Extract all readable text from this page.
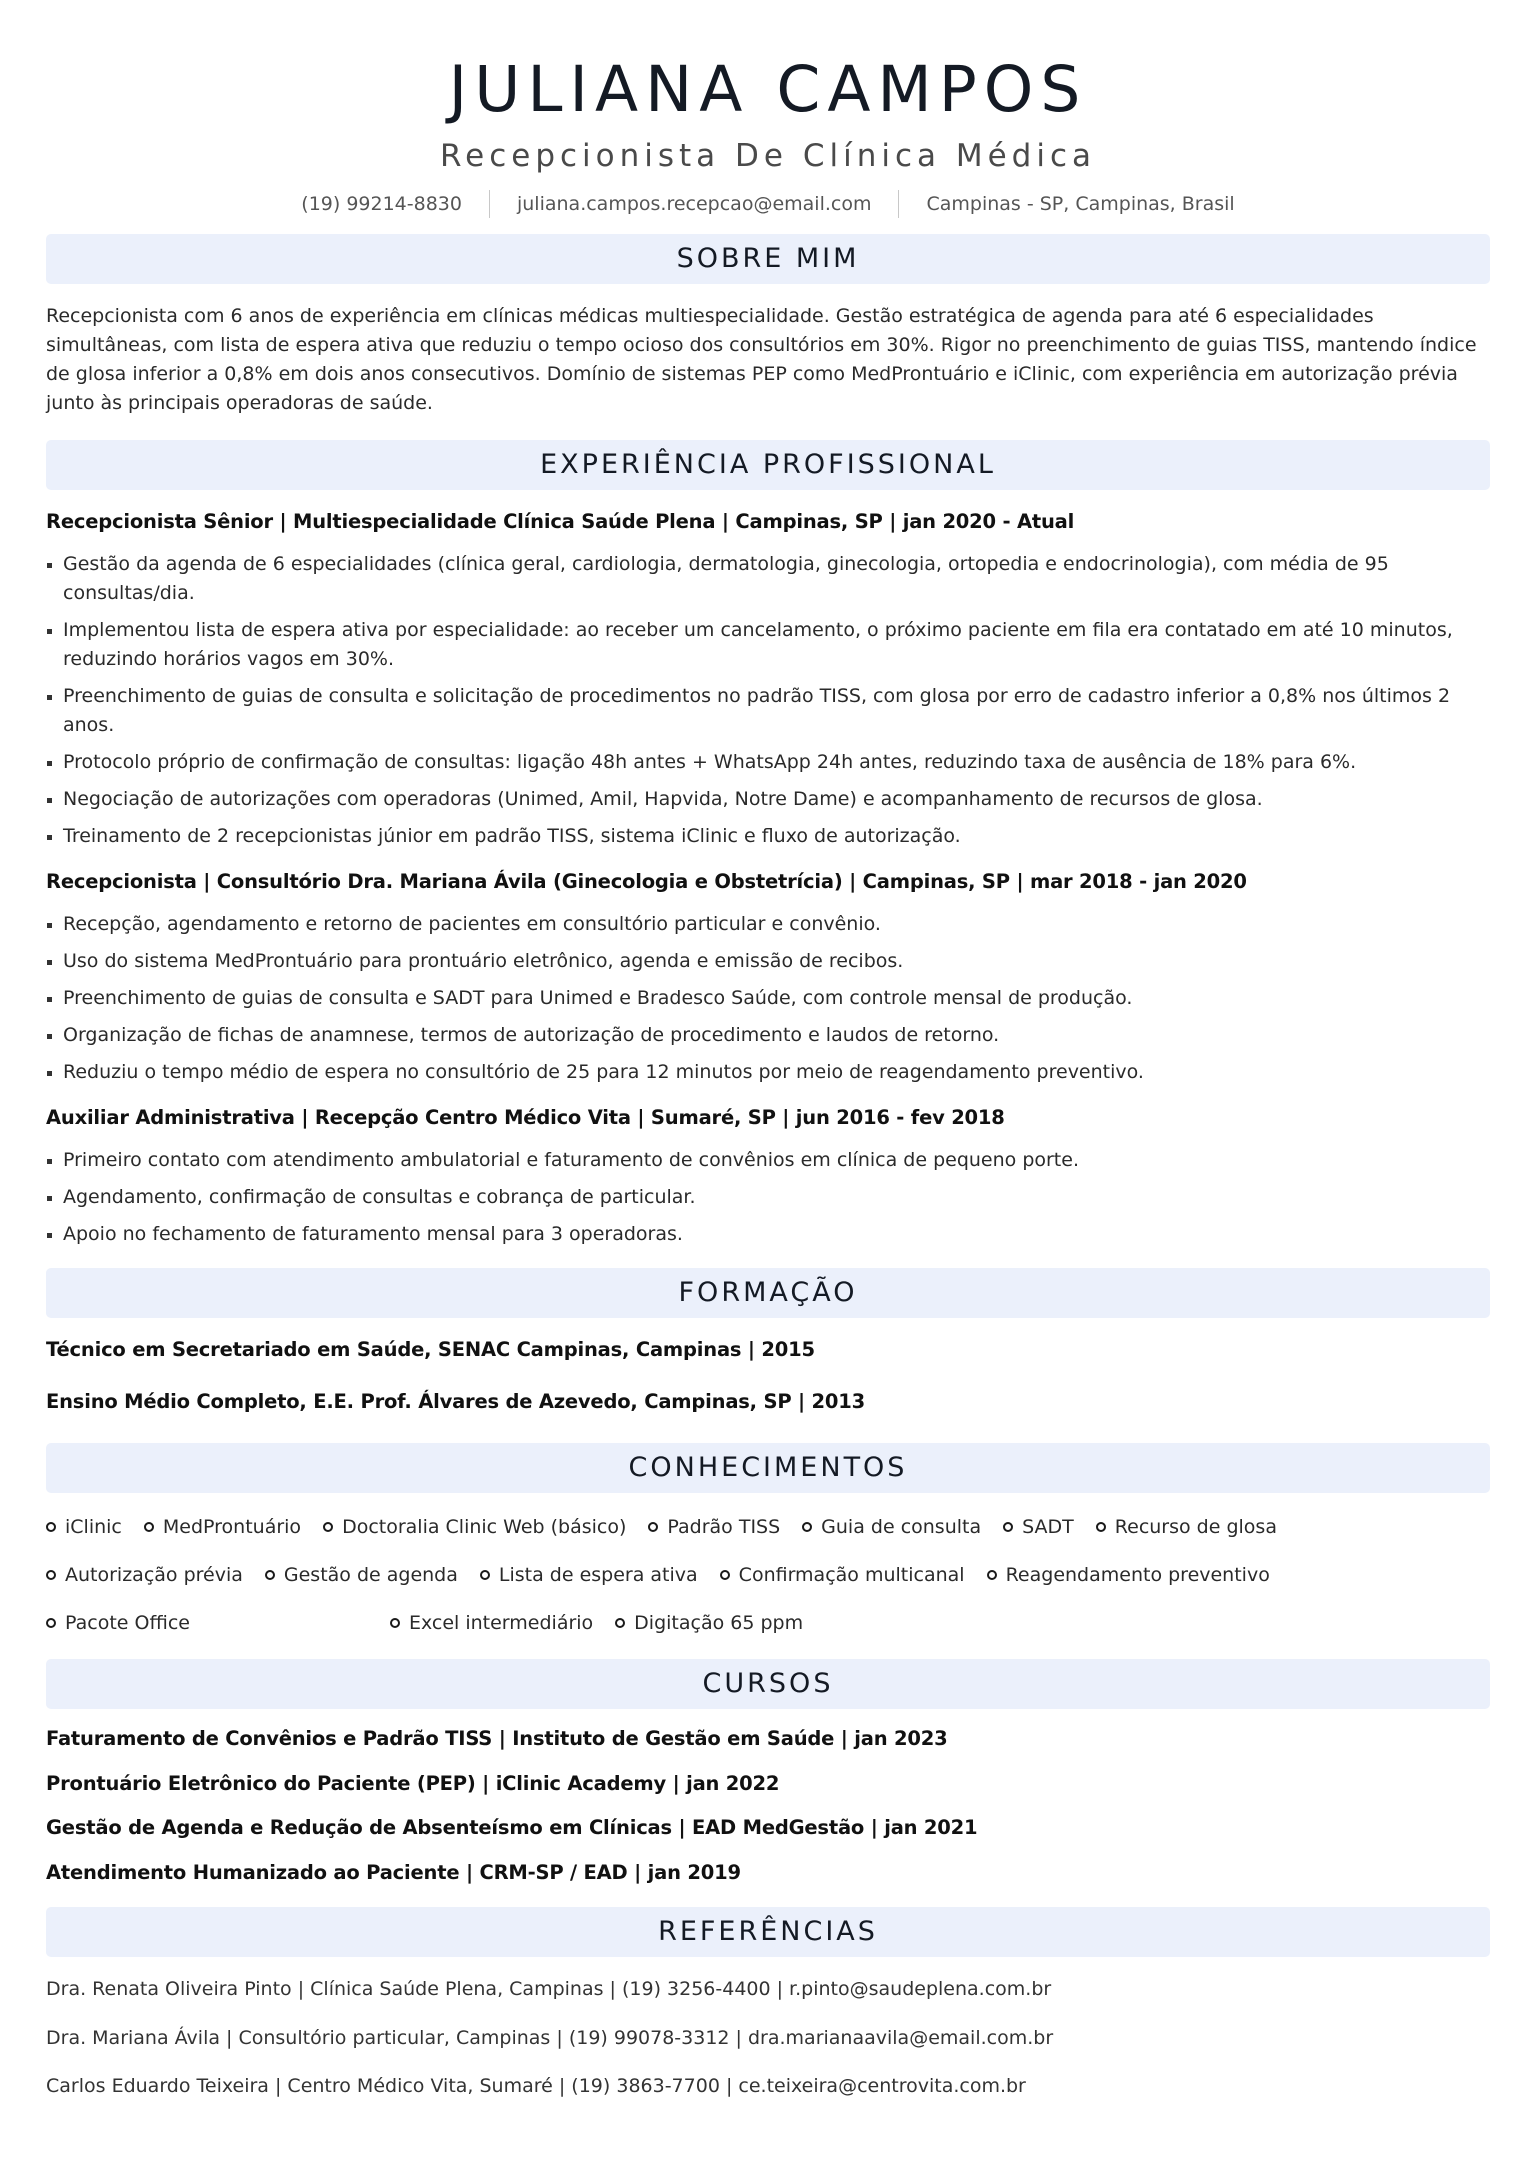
JULIANA CAMPOS
Recepcionista De Clínica Médica
(19) 99214-8830	juliana.campos.recepcao@email.com	Campinas - SP, Campinas, Brasil
SOBRE MIM
Recepcionista com 6 anos de experiência em clínicas médicas multiespecialidade. Gestão estratégica de agenda para até 6 especialidades
simultâneas, com lista de espera ativa que reduziu o tempo ocioso dos consultórios em 30%. Rigor no preenchimento de guias TISS, mantendo índice
de glosa inferior a 0,8% em dois anos consecutivos. Domínio de sistemas PEP como MedProntuário e iClinic, com experiência em autorização prévia
junto às principais operadoras de saúde.
EXPERIÊNCIA PROFISSIONAL
Recepcionista Sênior | Multiespecialidade Clínica Saúde Plena | Campinas, SP | jan 2020 - Atual
Gestão da agenda de 6 especialidades (clínica geral, cardiologia, dermatologia, ginecologia, ortopedia e endocrinologia), com média de 95 consultas/dia.
Implementou lista de espera ativa por especialidade: ao receber um cancelamento, o próximo paciente em fila era contatado em até 10 minutos, reduzindo horários vagos em 30%.
Preenchimento de guias de consulta e solicitação de procedimentos no padrão TISS, com glosa por erro de cadastro inferior a 0,8% nos últimos 2 anos.
Protocolo próprio de confirmação de consultas: ligação 48h antes + WhatsApp 24h antes, reduzindo taxa de ausência de 18% para 6%.
Negociação de autorizações com operadoras (Unimed, Amil, Hapvida, Notre Dame) e acompanhamento de recursos de glosa.
Treinamento de 2 recepcionistas júnior em padrão TISS, sistema iClinic e fluxo de autorização.
Recepcionista | Consultório Dra. Mariana Ávila (Ginecologia e Obstetrícia) | Campinas, SP | mar 2018 - jan 2020
Recepção, agendamento e retorno de pacientes em consultório particular e convênio.
Uso do sistema MedProntuário para prontuário eletrônico, agenda e emissão de recibos.
Preenchimento de guias de consulta e SADT para Unimed e Bradesco Saúde, com controle mensal de produção.
Organização de fichas de anamnese, termos de autorização de procedimento e laudos de retorno.
Reduziu o tempo médio de espera no consultório de 25 para 12 minutos por meio de reagendamento preventivo.
Auxiliar Administrativa | Recepção Centro Médico Vita | Sumaré, SP | jun 2016 - fev 2018
Primeiro contato com atendimento ambulatorial e faturamento de convênios em clínica de pequeno porte.
Agendamento, confirmação de consultas e cobrança de particular.
Apoio no fechamento de faturamento mensal para 3 operadoras.
FORMAÇÃO
Técnico em Secretariado em Saúde, SENAC Campinas, Campinas | 2015
Ensino Médio Completo, E.E. Prof. Álvares de Azevedo, Campinas, SP | 2013
CONHECIMENTOS
iClinic MedProntuário Doctoralia Clinic Web (básico) Padrão TISS Guia de consulta SADT Recurso de glosa
Autorização prévia Gestão de agenda Lista de espera ativa Confirmação multicanal Reagendamento preventivo
Pacote Office	Excel intermediário Digitação 65 ppm
CURSOS
Faturamento de Convênios e Padrão TISS | Instituto de Gestão em Saúde | jan 2023
Prontuário Eletrônico do Paciente (PEP) | iClinic Academy | jan 2022
Gestão de Agenda e Redução de Absenteísmo em Clínicas | EAD MedGestão | jan 2021
Atendimento Humanizado ao Paciente | CRM-SP / EAD | jan 2019
REFERÊNCIAS
Dra. Renata Oliveira Pinto | Clínica Saúde Plena, Campinas | (19) 3256-4400 | r.pinto@saudeplena.com.br
Dra. Mariana Ávila | Consultório particular, Campinas | (19) 99078-3312 | dra.marianaavila@email.com.br
Carlos Eduardo Teixeira | Centro Médico Vita, Sumaré | (19) 3863-7700 | ce.teixeira@centrovita.com.br
